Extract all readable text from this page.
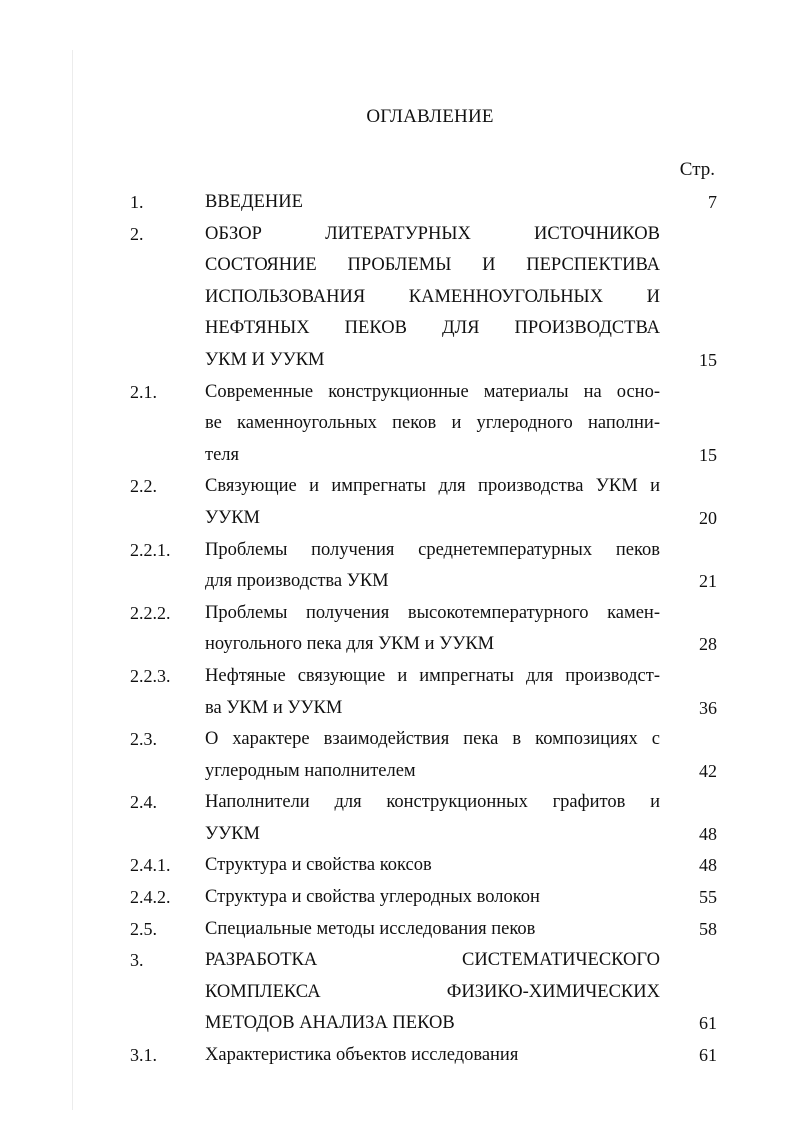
ОГЛАВЛЕНИЕ
Стр.
1.	ВВЕДЕНИЕ	7
2.	ОБЗОР ЛИТЕРАТУРНЫХ ИСТОЧНИКОВ
СОСТОЯНИЕ ПРОБЛЕМЫ И ПЕРСПЕКТИВА
ИСПОЛЬЗОВАНИЯ КАМЕННОУГОЛЬНЫХ И
НЕФТЯНЫХ ПЕКОВ ДЛЯ ПРОИЗВОДСТВА
УКМ И УУКМ	15
2.1.	Современные конструкционные материалы на осно-
ве каменноугольных пеков и углеродного наполни-
теля	15
2.2.	Связующие и импрегнаты для производства УКМ и
УУКМ	20
2.2.1. Проблемы получения среднетемпературных пеков
для производства УКМ	21
2.2.2. Проблемы получения высокотемпературного камен-
ноугольного пека для УКМ и УУКМ	28
2.2.3. Нефтяные связующие и импрегнаты для производст-
ва УКМ и УУКМ	36
2.3.	О характере взаимодействия пека в композициях с
углеродным наполнителем	42
2.4.	Наполнители для конструкционных графитов и
УУКМ	48
2.4.1. Структура и свойства коксов	48
2.4.2. Структура и свойства углеродных волокон	55
2.5.	Специальные методы исследования пеков	58
3.	РАЗРАБОТКА СИСТЕМАТИЧЕСКОГО
КОМПЛЕКСА ФИЗИКО-ХИМИЧЕСКИХ
МЕТОДОВ АНАЛИЗА ПЕКОВ	61
3.1.	Характеристика объектов исследования	61
